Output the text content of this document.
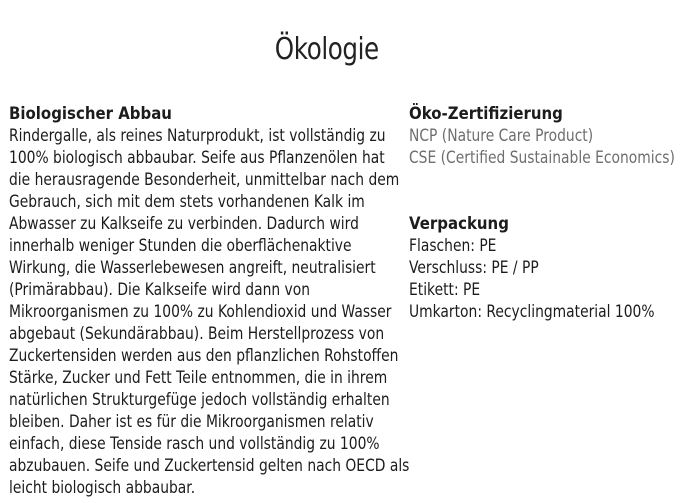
Ökologie
Biologischer Abbau

Rindergalle, als reines Naturprodukt, ist vollständig zu

100% biologisch abbaubar. Seife aus Pflanzenölen hat

die herausragende Besonderheit, unmittelbar nach dem

Gebrauch, sich mit dem stets vorhandenen Kalk im

Abwasser zu Kalkseife zu verbinden. Dadurch wird

innerhalb weniger Stunden die oberflächenaktive

Wirkung, die Wasserlebewesen angreift, neutralisiert

(Primärabbau). Die Kalkseife wird dann von

Mikroorganismen zu 100% zu Kohlendioxid und Wasser

abgebaut (Sekundärabbau). Beim Herstellprozess von

Zuckertensiden werden aus den pflanzlichen Rohstoffen

Stärke, Zucker und Fett Teile entnommen, die in ihrem

natürlichen Strukturgefüge jedoch vollständig erhalten

bleiben. Daher ist es für die Mikroorganismen relativ

einfach, diese Tenside rasch und vollständig zu 100%

abzubauen. Seife und Zuckertensid gelten nach OECD als

leicht biologisch abbaubar.

Öko-Zertifizierung

NCP (Nature Care Product)

CSE (Certified Sustainable Economics)

Verpackung

Flaschen: PE

Verschluss: PE / PP

Etikett: PE

Umkarton: Recyclingmaterial 100%
